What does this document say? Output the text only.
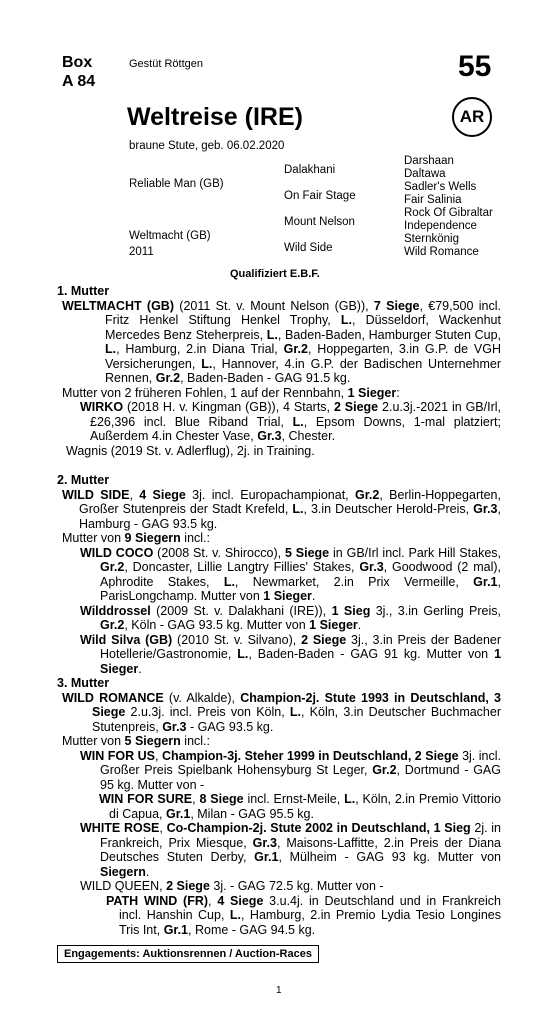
Box
A 84
Gestüt Röttgen	55
AR
Weltreise (IRE)
braune Stute, geb. 06.02.2020
Reliable Man (GB)
Weltmacht (GB)
2011
Dalakhani
On Fair Stage
Mount Nelson
Wild Side
Darshaan
Daltawa
Sadler's Wells
Fair Salinia
Rock Of Gibraltar
Independence
Sternkönig
Wild Romance
Qualifiziert E.B.F.
1. Mutter

WELTMACHT (GB) (2011 St. v. Mount Nelson (GB)), 7 Siege, €79,500 incl. Fritz Henkel Stiftung Henkel Trophy, L., Düsseldorf, Wackenhut Mercedes Benz Steherpreis, L., Baden-Baden, Hamburger Stuten Cup, L., Hamburg, 2.in Diana Trial, Gr.2, Hoppegarten, 3.in G.P. de VGH Versicherungen, L., Hannover, 4.in G.P. der Badischen Unternehmer Rennen, Gr.2, Baden-Baden - GAG 91.5 kg.

Mutter von 2 früheren Fohlen, 1 auf der Rennbahn, 1 Sieger:

WIRKO (2018 H. v. Kingman (GB)), 4 Starts, 2 Siege 2.u.3j.-2021 in GB/Irl, £26,396 incl. Blue Riband Trial, L., Epsom Downs, 1-mal platziert; Außerdem 4.in Chester Vase, Gr.3, Chester.

Wagnis (2019 St. v. Adlerflug), 2j. in Training.

2. Mutter

WILD SIDE, 4 Siege 3j. incl. Europachampionat, Gr.2, Berlin-Hoppegarten, Großer Stutenpreis der Stadt Krefeld, L., 3.in Deutscher Herold-Preis, Gr.3, Hamburg - GAG 93.5 kg.

Mutter von 9 Siegern incl.:

WILD COCO (2008 St. v. Shirocco), 5 Siege in GB/Irl incl. Park Hill Stakes, Gr.2, Doncaster, Lillie Langtry Fillies' Stakes, Gr.3, Goodwood (2 mal), Aphrodite Stakes, L., Newmarket, 2.in Prix Vermeille, Gr.1, ParisLongchamp. Mutter von 1 Sieger.

Wilddrossel (2009 St. v. Dalakhani (IRE)), 1 Sieg 3j., 3.in Gerling Preis, Gr.2, Köln - GAG 93.5 kg. Mutter von 1 Sieger.

Wild Silva (GB) (2010 St. v. Silvano), 2 Siege 3j., 3.in Preis der Badener Hotellerie/Gastronomie, L., Baden-Baden - GAG 91 kg. Mutter von 1 Sieger.

3. Mutter

WILD ROMANCE (v. Alkalde), Champion-2j. Stute 1993 in Deutschland, 3 Siege 2.u.3j. incl. Preis von Köln, L., Köln, 3.in Deutscher Buchmacher Stutenpreis, Gr.3 - GAG 93.5 kg.

Mutter von 5 Siegern incl.:

WIN FOR US, Champion-3j. Steher 1999 in Deutschland, 2 Siege 3j. incl. Großer Preis Spielbank Hohensyburg St Leger, Gr.2, Dortmund - GAG 95 kg. Mutter von -

WIN FOR SURE, 8 Siege incl. Ernst-Meile, L., Köln, 2.in Premio Vittorio di Capua, Gr.1, Milan - GAG 95.5 kg.

WHITE ROSE, Co-Champion-2j. Stute 2002 in Deutschland, 1 Sieg 2j. in Frankreich, Prix Miesque, Gr.3, Maisons-Laffitte, 2.in Preis der Diana Deutsches Stuten Derby, Gr.1, Mülheim - GAG 93 kg. Mutter von Siegern.

WILD QUEEN, 2 Siege 3j. - GAG 72.5 kg. Mutter von -

PATH WIND (FR), 4 Siege 3.u.4j. in Deutschland und in Frankreich incl. Hanshin Cup, L., Hamburg, 2.in Premio Lydia Tesio Longines Tris Int, Gr.1, Rome - GAG 94.5 kg.

Engagements: Auktionsrennen / Auction-Races
1
